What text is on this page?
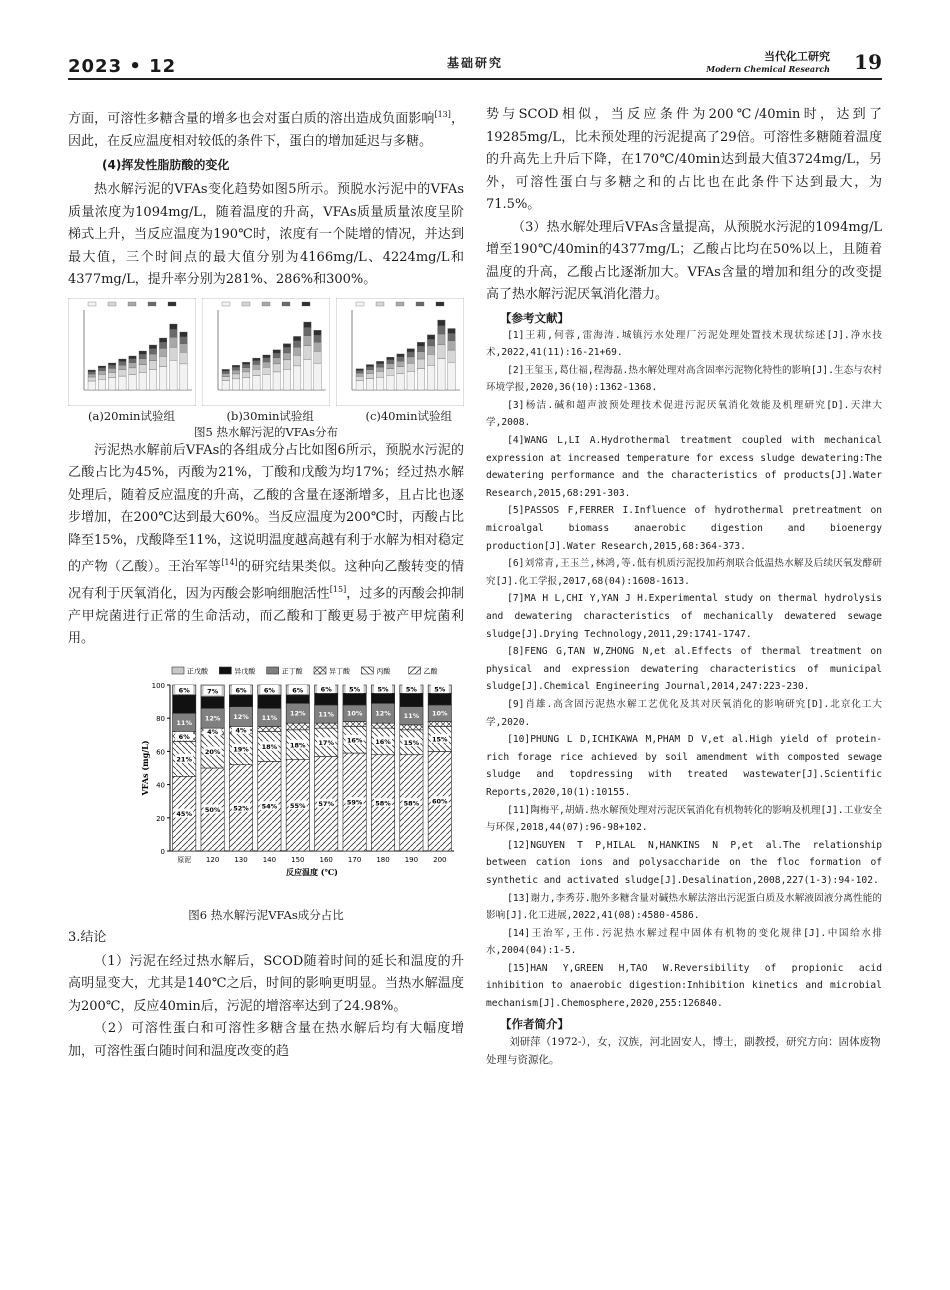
2023 • 12	基础研究	当代化工研究
Modern Chemical Research 19

方面，可溶性多糖含量的增多也会对蛋白质的溶出造成负面影响[13]，因此，在反应温度相对较低的条件下，蛋白的增加延迟与多糖。

(4)挥发性脂肪酸的变化

热水解污泥的VFAs变化趋势如图5所示。预脱水污泥中的VFAs质量浓度为1094mg/L，随着温度的升高，VFAs质量质量浓度呈阶梯式上升，当反应温度为190℃时，浓度有一个陡增的情况，并达到最大值，三个时间点的最大值分别为4166mg/L、4224mg/L和4377mg/L，提升率分别为281%、286%和300%。

(a)20min试验组	(b)30min试验组	(c)40min试验组
图5 热水解污泥的VFAs分布

污泥热水解前后VFAs的各组成分占比如图6所示，预脱水污泥的乙酸占比为45%，丙酸为21%，丁酸和戊酸为均17%；经过热水解处理后，随着反应温度的升高，乙酸的含量在逐渐增多，且占比也逐步增加，在200℃达到最大60%。当反应温度为200℃时，丙酸占比降至15%，戊酸降至11%，这说明温度越高越有利于水解为相对稳定的产物（乙酸）。王治军等[14]的研究结果类似。这种向乙酸转变的情况有利于厌氧消化，因为丙酸会影响细胞活性[15]，过多的丙酸会抑制产甲烷菌进行正常的生命活动，而乙酸和丁酸更易于被产甲烷菌利用。

正戊酸	异戊酸	正丁酸	异丁酸	丙酸	乙酸
0
20
40
60
80
100
VFAs (mg/L)
反应温度 (℃)
原泥
45%
21%
6%
11%
6%
120
50%
20%
4%
12%
7%
130
52%
19%
4%
12%
6%
140
54%
18%
11%
6%
150
55%
18%
12%
6%
160
57%
17%
11%
6%
170
59%
16%
10%
5%
180
58%
16%
12%
5%
190
58%
15%
11%
5%
200
60%
15%
10%
5%
图6 热水解污泥VFAs成分占比
3.结论

（1）污泥在经过热水解后，SCOD随着时间的延长和温度的升高明显变大，尤其是140℃之后，时间的影响更明显。当热水解温度为200℃，反应40min后，污泥的增溶率达到了24.98%。

（2）可溶性蛋白和可溶性多糖含量在热水解后均有大幅度增加，可溶性蛋白随时间和温度改变的趋

势与SCOD相似，当反应条件为200℃/40min时，达到了19285mg/L，比未预处理的污泥提高了29倍。可溶性多糖随着温度的升高先上升后下降，在170℃/40min达到最大值3724mg/L，另外，可溶性蛋白与多糖之和的占比也在此条件下达到最大，为71.5%。

（3）热水解处理后VFAs含量提高，从预脱水污泥的1094mg/L增至190℃/40min的4377mg/L；乙酸占比均在50%以上，且随着温度的升高，乙酸占比逐渐加大。VFAs含量的增加和组分的改变提高了热水解污泥厌氧消化潜力。

【参考文献】

[1]王莉,何蓉,雷海涛.城镇污水处理厂污泥处理处置技术现状综述[J].净水技术,2022,41(11):16-21+69.

[2]王玺玉,葛仕福,程海磊.热水解处理对高含固率污泥物化特性的影响[J].生态与农村环境学报,2020,36(10):1362-1368.

[3]杨洁.碱和超声波预处理技术促进污泥厌氧消化效能及机理研究[D].天津大学,2008.

[4]WANG L,LI A.Hydrothermal treatment coupled with mechanical expression at increased temperature for excess sludge dewatering:The dewatering performance and the characteristics of products[J].Water Research,2015,68:291-303.

[5]PASSOS F,FERRER I.Influence of hydrothermal pretreatment on microalgal biomass anaerobic digestion and bioenergy production[J].Water Research,2015,68:364-373.

[6]刘常青,王玉兰,林鸿,等.低有机质污泥投加药剂联合低温热水解及后续厌氧发酵研究[J].化工学报,2017,68(04):1608-1613.

[7]MA H L,CHI Y,YAN J H.Experimental study on thermal hydrolysis and dewatering characteristics of mechanically dewatered sewage sludge[J].Drying Technology,2011,29:1741-1747.

[8]FENG G,TAN W,ZHONG N,et al.Effects of thermal treatment on physical and expression dewatering characteristics of municipal sludge[J].Chemical Engineering Journal,2014,247:223-230.

[9]肖雄.高含固污泥热水解工艺优化及其对厌氧消化的影响研究[D].北京化工大学,2020.

[10]PHUNG L D,ICHIKAWA M,PHAM D V,et al.High yield of protein-rich forage rice achieved by soil amendment with composted sewage sludge and topdressing with treated wastewater[J].Scientific Reports,2020,10(1):10155.

[11]陶梅平,胡婧.热水解预处理对污泥厌氧消化有机物转化的影响及机理[J].工业安全与环保,2018,44(07):96-98+102.

[12]NGUYEN T P,HILAL N,HANKINS N P,et al.The relationship between cation ions and polysaccharide on the floc formation of synthetic and activated sludge[J].Desalination,2008,227(1-3):94-102.

[13]谢力,李秀芬.胞外多糖含量对碱热水解法溶出污泥蛋白质及水解液固液分离性能的影响[J].化工进展,2022,41(08):4580-4586.

[14]王治军,王伟.污泥热水解过程中固体有机物的变化规律[J].中国给水排水,2004(04):1-5.

[15]HAN Y,GREEN H,TAO W.Reversibility of propionic acid inhibition to anaerobic digestion:Inhibition kinetics and microbial mechanism[J].Chemosphere,2020,255:126840.

【作者简介】

刘研萍（1972-），女，汉族，河北固安人，博士，副教授，研究方向：固体废物处理与资源化。
